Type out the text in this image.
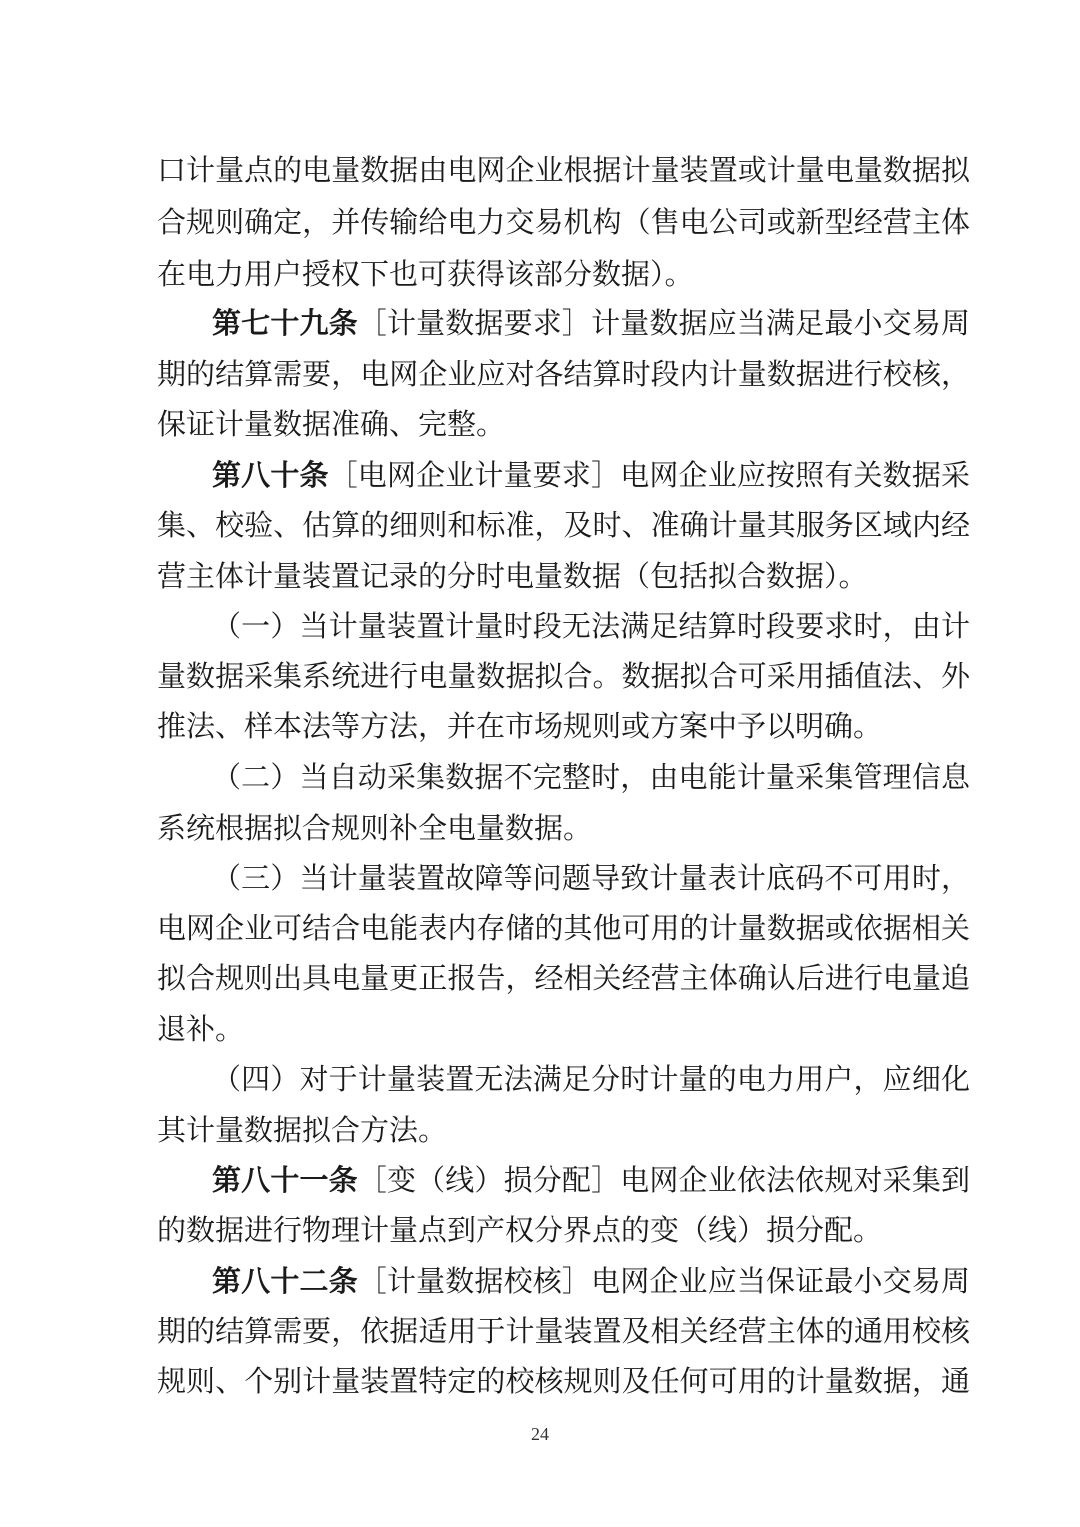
口计量点的电量数据由电网企业根据计量装置或计量电量数据拟
合规则确定，并传输给电力交易机构（售电公司或新型经营主体
在电力用户授权下也可获得该部分数据）。
第七十九条［计量数据要求］计量数据应当满足最小交易周
期的结算需要，电网企业应对各结算时段内计量数据进行校核，
保证计量数据准确、完整。
第八十条［电网企业计量要求］电网企业应按照有关数据采
集、校验、估算的细则和标准，及时、准确计量其服务区域内经
营主体计量装置记录的分时电量数据（包括拟合数据）。
（一）当计量装置计量时段无法满足结算时段要求时，由计
量数据采集系统进行电量数据拟合。数据拟合可采用插值法、外
推法、样本法等方法，并在市场规则或方案中予以明确。
（二）当自动采集数据不完整时，由电能计量采集管理信息
系统根据拟合规则补全电量数据。
（三）当计量装置故障等问题导致计量表计底码不可用时，
电网企业可结合电能表内存储的其他可用的计量数据或依据相关
拟合规则出具电量更正报告，经相关经营主体确认后进行电量追
退补。
（四）对于计量装置无法满足分时计量的电力用户，应细化
其计量数据拟合方法。
第八十一条［变（线）损分配］电网企业依法依规对采集到
的数据进行物理计量点到产权分界点的变（线）损分配。
第八十二条［计量数据校核］电网企业应当保证最小交易周
期的结算需要，依据适用于计量装置及相关经营主体的通用校核
规则、个别计量装置特定的校核规则及任何可用的计量数据，通
24
